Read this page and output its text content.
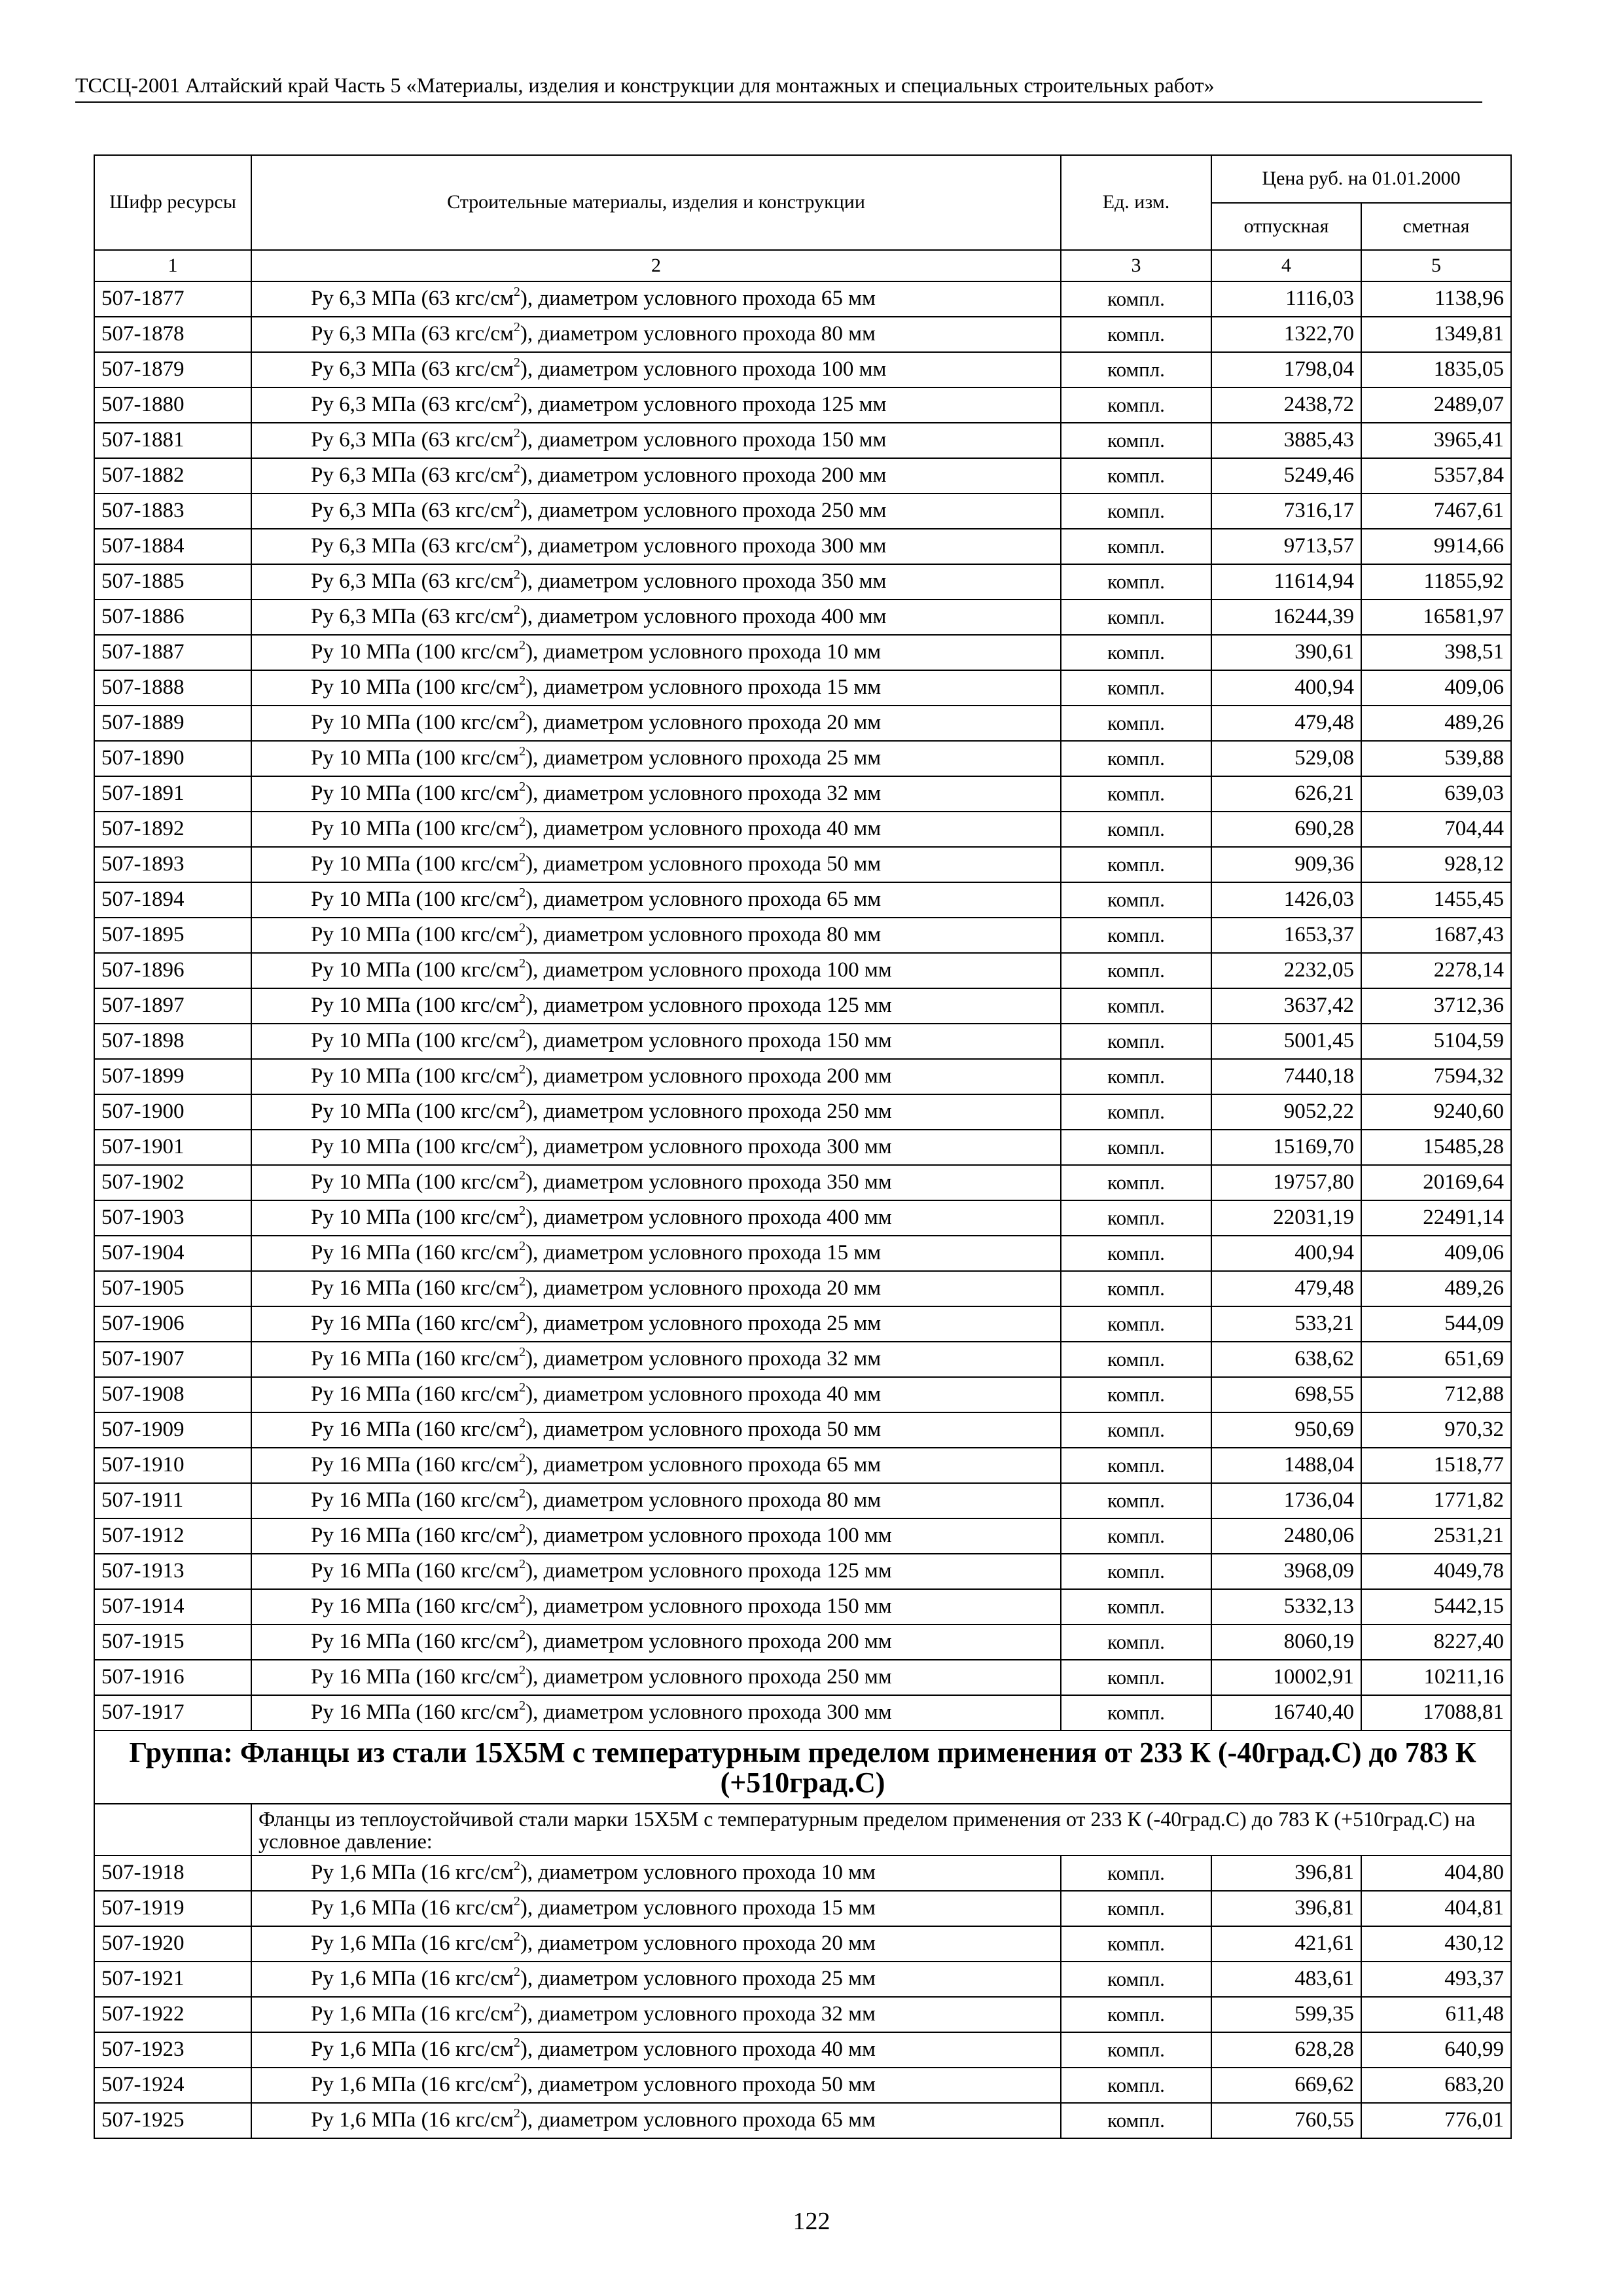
ТССЦ-2001 Алтайский край Часть 5 «Материалы, изделия и конструкции для монтажных и специальных строительных работ»
Шифр ресурсы	Строительные материалы, изделия и конструкции	Ед. изм.	Цена руб. на 01.01.2000	
			отпускная	сметная
1	2	3	4	5
507-1877	Ру 6,3 МПа (63 кгс/$см^2$), диаметром условного прохода 65 мм	компл.	1116,03	1138,96
507-1878	Ру 6,3 МПа (63 кгс/$см^2$), диаметром условного прохода 80 мм	компл.	1322,70	1349,81
507-1879	Ру 6,3 МПа (63 кгс/$см^2$), диаметром условного прохода 100 мм	компл.	1798,04	1835,05
507-1880	Ру 6,3 МПа (63 кгс/$см^2$), диаметром условного прохода 125 мм	компл.	2438,72	2489,07
507-1881	Ру 6,3 МПа (63 кгс/$см^2$), диаметром условного прохода 150 мм	компл.	3885,43	3965,41
507-1882	Ру 6,3 МПа (63 кгс/$см^2$), диаметром условного прохода 200 мм	компл.	5249,46	5357,84
507-1883	Ру 6,3 МПа (63 кгс/$см^2$), диаметром условного прохода 250 мм	компл.	7316,17	7467,61
507-1884	Ру 6,3 МПа (63 кгс/$см^2$), диаметром условного прохода 300 мм	компл.	9713,57	9914,66
507-1885	Ру 6,3 МПа (63 кгс/$см^2$), диаметром условного прохода 350 мм	компл.	11614,94	11855,92
507-1886	Ру 6,3 МПа (63 кгс/$см^2$), диаметром условного прохода 400 мм	компл.	16244,39	16581,97
507-1887	Ру 10 МПа (100 кгс/$см^2$), диаметром условного прохода 10 мм	компл.	390,61	398,51
507-1888	Ру 10 МПа (100 кгс/$см^2$), диаметром условного прохода 15 мм	компл.	400,94	409,06
507-1889	Ру 10 МПа (100 кгс/$см^2$), диаметром условного прохода 20 мм	компл.	479,48	489,26
507-1890	Ру 10 МПа (100 кгс/$см^2$), диаметром условного прохода 25 мм	компл.	529,08	539,88
507-1891	Ру 10 МПа (100 кгс/$см^2$), диаметром условного прохода 32 мм	компл.	626,21	639,03
507-1892	Ру 10 МПа (100 кгс/$см^2$), диаметром условного прохода 40 мм	компл.	690,28	704,44
507-1893	Ру 10 МПа (100 кгс/$см^2$), диаметром условного прохода 50 мм	компл.	909,36	928,12
507-1894	Ру 10 МПа (100 кгс/$см^2$), диаметром условного прохода 65 мм	компл.	1426,03	1455,45
507-1895	Ру 10 МПа (100 кгс/$см^2$), диаметром условного прохода 80 мм	компл.	1653,37	1687,43
507-1896	Ру 10 МПа (100 кгс/$см^2$), диаметром условного прохода 100 мм	компл.	2232,05	2278,14
507-1897	Ру 10 МПа (100 кгс/$см^2$), диаметром условного прохода 125 мм	компл.	3637,42	3712,36
507-1898	Ру 10 МПа (100 кгс/$см^2$), диаметром условного прохода 150 мм	компл.	5001,45	5104,59
507-1899	Ру 10 МПа (100 кгс/$см^2$), диаметром условного прохода 200 мм	компл.	7440,18	7594,32
507-1900	Ру 10 МПа (100 кгс/$см^2$), диаметром условного прохода 250 мм	компл.	9052,22	9240,60
507-1901	Ру 10 МПа (100 кгс/$см^2$), диаметром условного прохода 300 мм	компл.	15169,70	15485,28
507-1902	Ру 10 МПа (100 кгс/$см^2$), диаметром условного прохода 350 мм	компл.	19757,80	20169,64
507-1903	Ру 10 МПа (100 кгс/$см^2$), диаметром условного прохода 400 мм	компл.	22031,19	22491,14
507-1904	Ру 16 МПа (160 кгс/$см^2$), диаметром условного прохода 15 мм	компл.	400,94	409,06
507-1905	Ру 16 МПа (160 кгс/$см^2$), диаметром условного прохода 20 мм	компл.	479,48	489,26
507-1906	Ру 16 МПа (160 кгс/$см^2$), диаметром условного прохода 25 мм	компл.	533,21	544,09
507-1907	Ру 16 МПа (160 кгс/$см^2$), диаметром условного прохода 32 мм	компл.	638,62	651,69
507-1908	Ру 16 МПа (160 кгс/$см^2$), диаметром условного прохода 40 мм	компл.	698,55	712,88
507-1909	Ру 16 МПа (160 кгс/$см^2$), диаметром условного прохода 50 мм	компл.	950,69	970,32
507-1910	Ру 16 МПа (160 кгс/$см^2$), диаметром условного прохода 65 мм	компл.	1488,04	1518,77
507-1911	Ру 16 МПа (160 кгс/$см^2$), диаметром условного прохода 80 мм	компл.	1736,04	1771,82
507-1912	Ру 16 МПа (160 кгс/$см^2$), диаметром условного прохода 100 мм	компл.	2480,06	2531,21
507-1913	Ру 16 МПа (160 кгс/$см^2$), диаметром условного прохода 125 мм	компл.	3968,09	4049,78
507-1914	Ру 16 МПа (160 кгс/$см^2$), диаметром условного прохода 150 мм	компл.	5332,13	5442,15
507-1915	Ру 16 МПа (160 кгс/$см^2$), диаметром условного прохода 200 мм	компл.	8060,19	8227,40
507-1916	Ру 16 МПа (160 кгс/$см^2$), диаметром условного прохода 250 мм	компл.	10002,91	10211,16
507-1917	Ру 16 МПа (160 кгс/$см^2$), диаметром условного прохода 300 мм	компл.	16740,40	17088,81
Группа: Фланцы из стали 15Х5М с температурным пределом применения от 233 К (-40град.С) до 783 К (+510град.С)				
	Фланцы из теплоустойчивой стали марки 15Х5М с температурным пределом применения от 233 К (-40град.С) до 783 К (+510град.С) на условное давление:			
507-1918	Ру 1,6 МПа (16 кгс/$см^2$), диаметром условного прохода 10 мм	компл.	396,81	404,80
507-1919	Ру 1,6 МПа (16 кгс/$см^2$), диаметром условного прохода 15 мм	компл.	396,81	404,81
507-1920	Ру 1,6 МПа (16 кгс/$см^2$), диаметром условного прохода 20 мм	компл.	421,61	430,12
507-1921	Ру 1,6 МПа (16 кгс/$см^2$), диаметром условного прохода 25 мм	компл.	483,61	493,37
507-1922	Ру 1,6 МПа (16 кгс/$см^2$), диаметром условного прохода 32 мм	компл.	599,35	611,48
507-1923	Ру 1,6 МПа (16 кгс/$см^2$), диаметром условного прохода 40 мм	компл.	628,28	640,99
507-1924	Ру 1,6 МПа (16 кгс/$см^2$), диаметром условного прохода 50 мм	компл.	669,62	683,20
507-1925	Ру 1,6 МПа (16 кгс/$см^2$), диаметром условного прохода 65 мм	компл.	760,55	776,01
122
